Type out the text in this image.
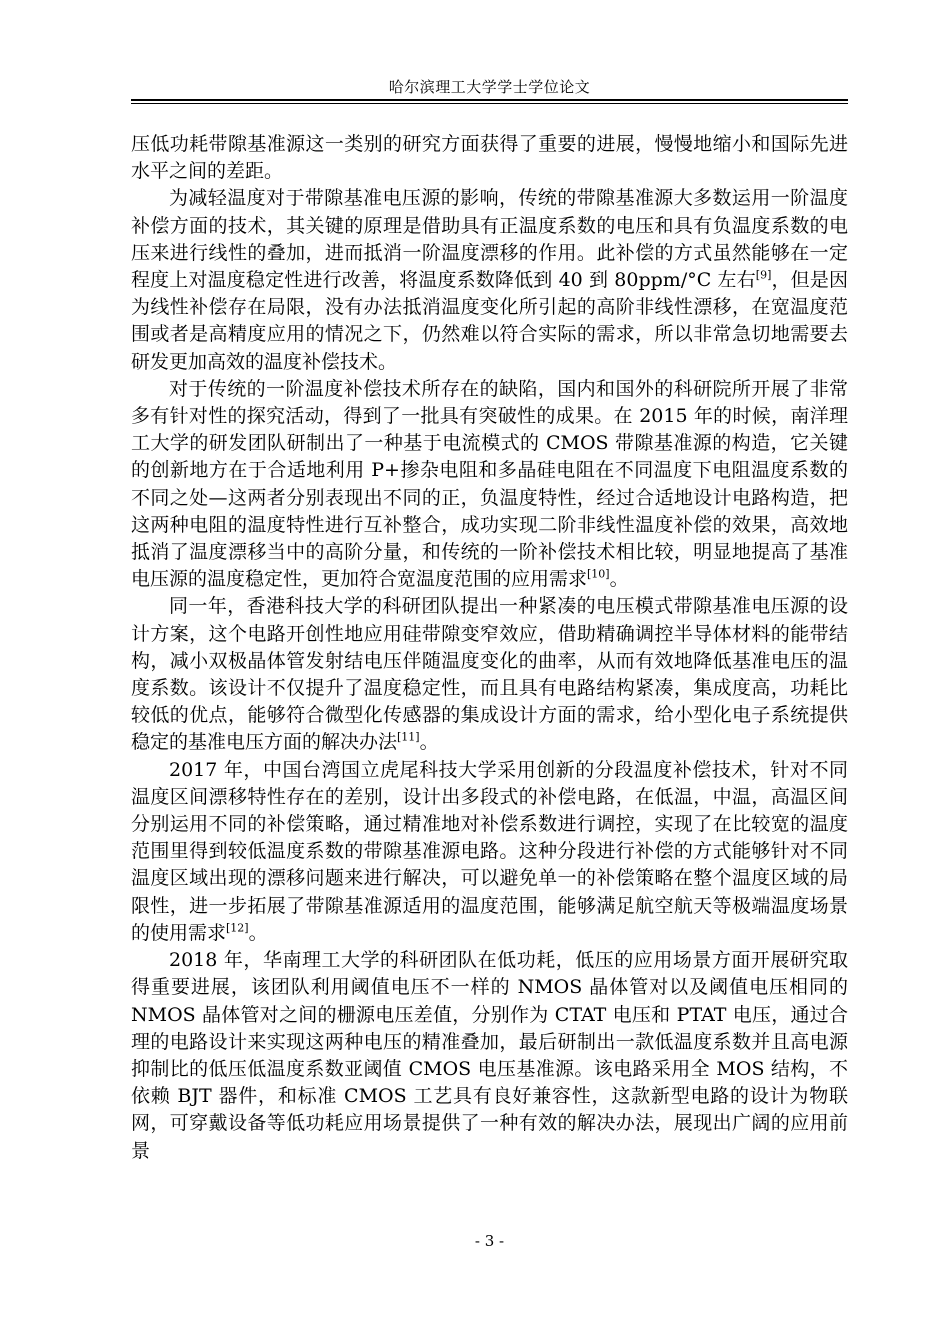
哈尔滨理工大学学士学位论文

压低功耗带隙基准源这一类别的研究方面获得了重要的进展，慢慢地缩小和国际先进水平之间的差距。

为减轻温度对于带隙基准电压源的影响，传统的带隙基准源大多数运用一阶温度补偿方面的技术，其关键的原理是借助具有正温度系数的电压和具有负温度系数的电压来进行线性的叠加，进而抵消一阶温度漂移的作用。此补偿的方式虽然能够在一定程度上对温度稳定性进行改善，将温度系数降低到 40 到 80ppm/°C 左右[9]，但是因为线性补偿存在局限，没有办法抵消温度变化所引起的高阶非线性漂移，在宽温度范围或者是高精度应用的情况之下，仍然难以符合实际的需求，所以非常急切地需要去研发更加高效的温度补偿技术。

对于传统的一阶温度补偿技术所存在的缺陷，国内和国外的科研院所开展了非常多有针对性的探究活动，得到了一批具有突破性的成果。在 2015 年的时候，南洋理工大学的研发团队研制出了一种基于电流模式的 CMOS 带隙基准源的构造，它关键的创新地方在于合适地利用 P+掺杂电阻和多晶硅电阻在不同温度下电阻温度系数的不同之处—这两者分别表现出不同的正，负温度特性，经过合适地设计电路构造，把这两种电阻的温度特性进行互补整合，成功实现二阶非线性温度补偿的效果，高效地抵消了温度漂移当中的高阶分量，和传统的一阶补偿技术相比较，明显地提高了基准电压源的温度稳定性，更加符合宽温度范围的应用需求[10]。

同一年，香港科技大学的科研团队提出一种紧凑的电压模式带隙基准电压源的设计方案，这个电路开创性地应用硅带隙变窄效应，借助精确调控半导体材料的能带结构，减小双极晶体管发射结电压伴随温度变化的曲率，从而有效地降低基准电压的温度系数。该设计不仅提升了温度稳定性，而且具有电路结构紧凑，集成度高，功耗比较低的优点，能够符合微型化传感器的集成设计方面的需求，给小型化电子系统提供稳定的基准电压方面的解决办法[11]。

2017 年，中国台湾国立虎尾科技大学采用创新的分段温度补偿技术，针对不同温度区间漂移特性存在的差别，设计出多段式的补偿电路，在低温，中温，高温区间分别运用不同的补偿策略，通过精准地对补偿系数进行调控，实现了在比较宽的温度范围里得到较低温度系数的带隙基准源电路。这种分段进行补偿的方式能够针对不同温度区域出现的漂移问题来进行解决，可以避免单一的补偿策略在整个温度区域的局限性，进一步拓展了带隙基准源适用的温度范围，能够满足航空航天等极端温度场景的使用需求[12]。

2018 年，华南理工大学的科研团队在低功耗，低压的应用场景方面开展研究取得重要进展，该团队利用阈值电压不一样的 NMOS 晶体管对以及阈值电压相同的 NMOS 晶体管对之间的栅源电压差值，分别作为 CTAT 电压和 PTAT 电压，通过合理的电路设计来实现这两种电压的精准叠加，最后研制出一款低温度系数并且高电源抑制比的低压低温度系数亚阈值 CMOS 电压基准源。该电路采用全 MOS 结构，不依赖 BJT 器件，和标准 CMOS 工艺具有良好兼容性，这款新型电路的设计为物联网，可穿戴设备等低功耗应用场景提供了一种有效的解决办法，展现出广阔的应用前景

- 3 -
